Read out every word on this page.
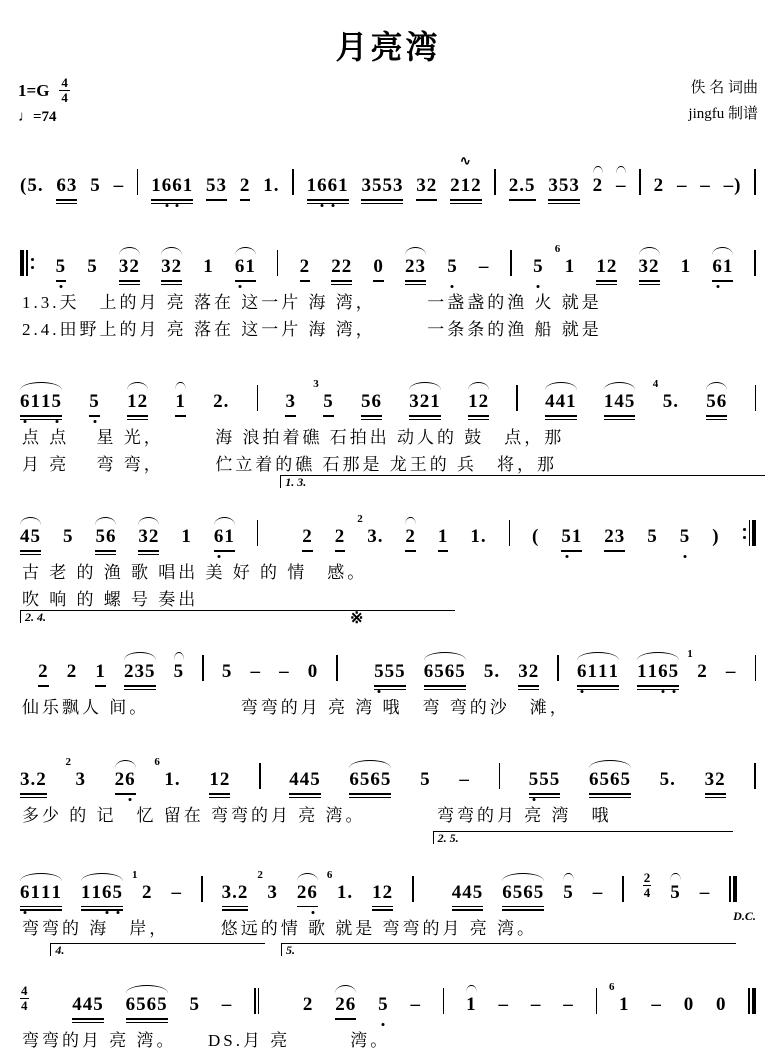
月亮湾
1= G $\frac{4}{4}$
♩=74
佚 名 词曲
jingfu 制谱
(5. 63 5 – 1661 53 2 1. 1661 3553 32 212
∿
2.5 353 2 – 2 – – –)
5 5 32 32 1 61 2 22 0 23 5 – 5 1
6
12 32 1 61
1.3.天　上的月 亮 落在 这一片 海 湾，　　　一盏盏的渔 火 就是
2.4.田野上的月 亮 落在 这一片 海 湾，　　　一条条的渔 船 就是
6115 5 12 1 2.	3 5
3
56 321 12	441 145 5.
4
56
点 点　 星 光，　　　海 浪拍着礁 石拍出 动人的 鼓　点，那
月 亮　 弯 弯，　　　伫立着的礁 石那是 龙王的 兵　将，那
45 5 56 32 1 61
1. 3.
2 2 3.
2
2 1 1. ( 51 23 5 5 )
古 老 的 渔 歌 唱出 美 好 的 情　感。
吹 响 的 螺 号 奏出
2. 4.
2 2 1 235 5 5 – – 0
※
555 6565 5. 32 6111 1165 2
1
–
仙乐飘人 间。　　　　　弯弯的月 亮 湾 哦　弯 弯的沙　滩，
3.2 3
2
26 1.
6
12	445 6565 5 –	555 6565 5. 32
多少 的 记　忆 留在 弯弯的月 亮 湾。　　　　弯弯的月 亮 湾　哦
6111 1165 2
1
– 3.2 3
2
26 1.
6
12
2. 5.
445 6565 5 –
2
4 5 –
D.C.
弯弯的 海　岸，　　　悠远的情 歌 就是 弯弯的月 亮 湾。
4
4
4.
445 6565 5 –
5.
2 26 5 – 1 – – – 1
6
– 0 0
弯弯的月 亮 湾。　　DS.月 亮　　　湾。
